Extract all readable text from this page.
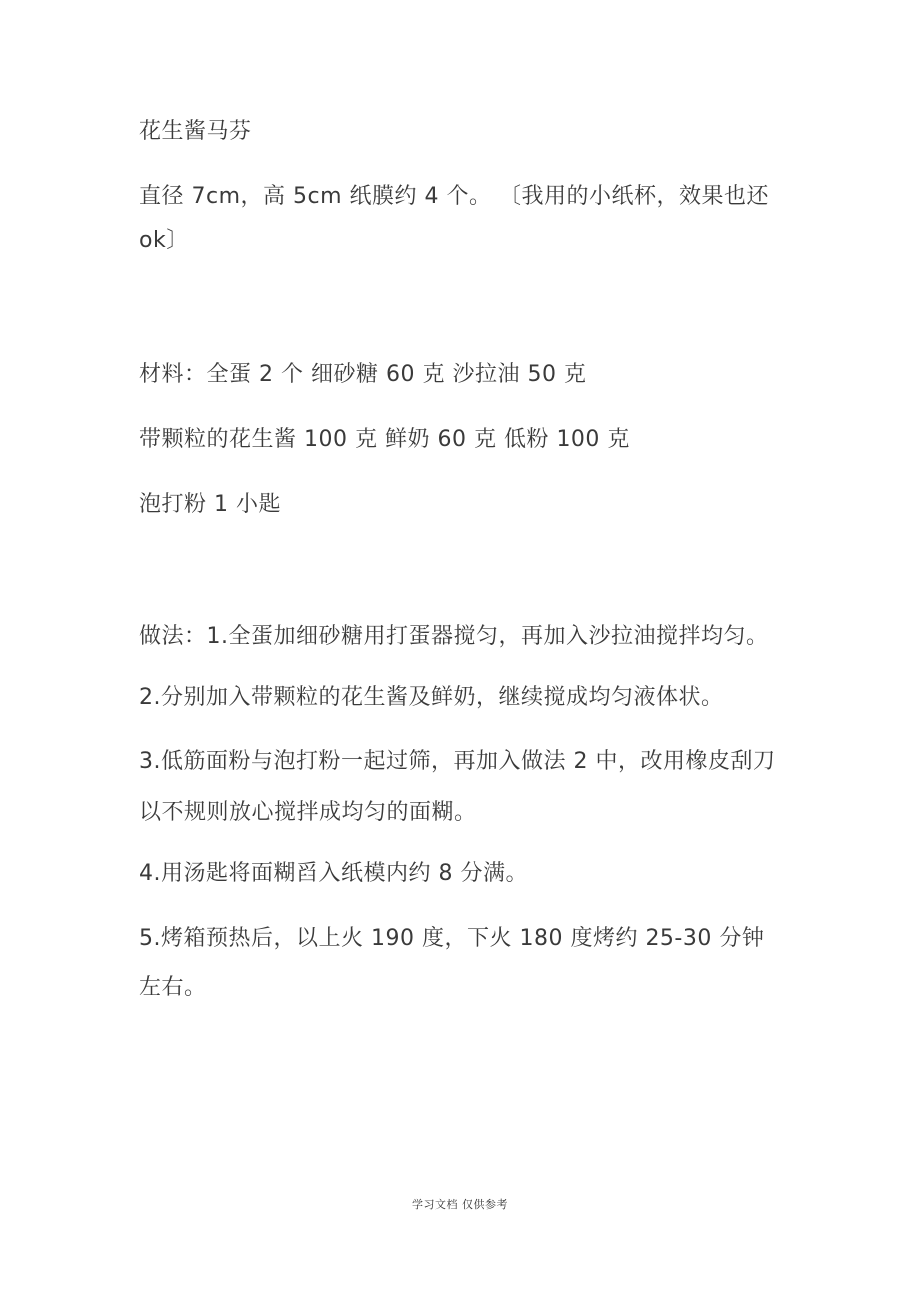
花生酱马芬
直径 7cm，高 5cm 纸膜约 4 个。 〔我用的小纸杯，效果也还
ok〕
材料：全蛋 2 个 细砂糖 60 克 沙拉油 50 克
带颗粒的花生酱 100 克 鲜奶 60 克 低粉 100 克
泡打粉 1 小匙
做法：1.全蛋加细砂糖用打蛋器搅匀，再加入沙拉油搅拌均匀。
2.分别加入带颗粒的花生酱及鲜奶，继续搅成均匀液体状。
3.低筋面粉与泡打粉一起过筛，再加入做法 2 中，改用橡皮刮刀
以不规则放心搅拌成均匀的面糊。
4.用汤匙将面糊舀入纸模内约 8 分满。
5.烤箱预热后，以上火 190 度，下火 180 度烤约 25-30 分钟
左右。
学习文档 仅供参考
